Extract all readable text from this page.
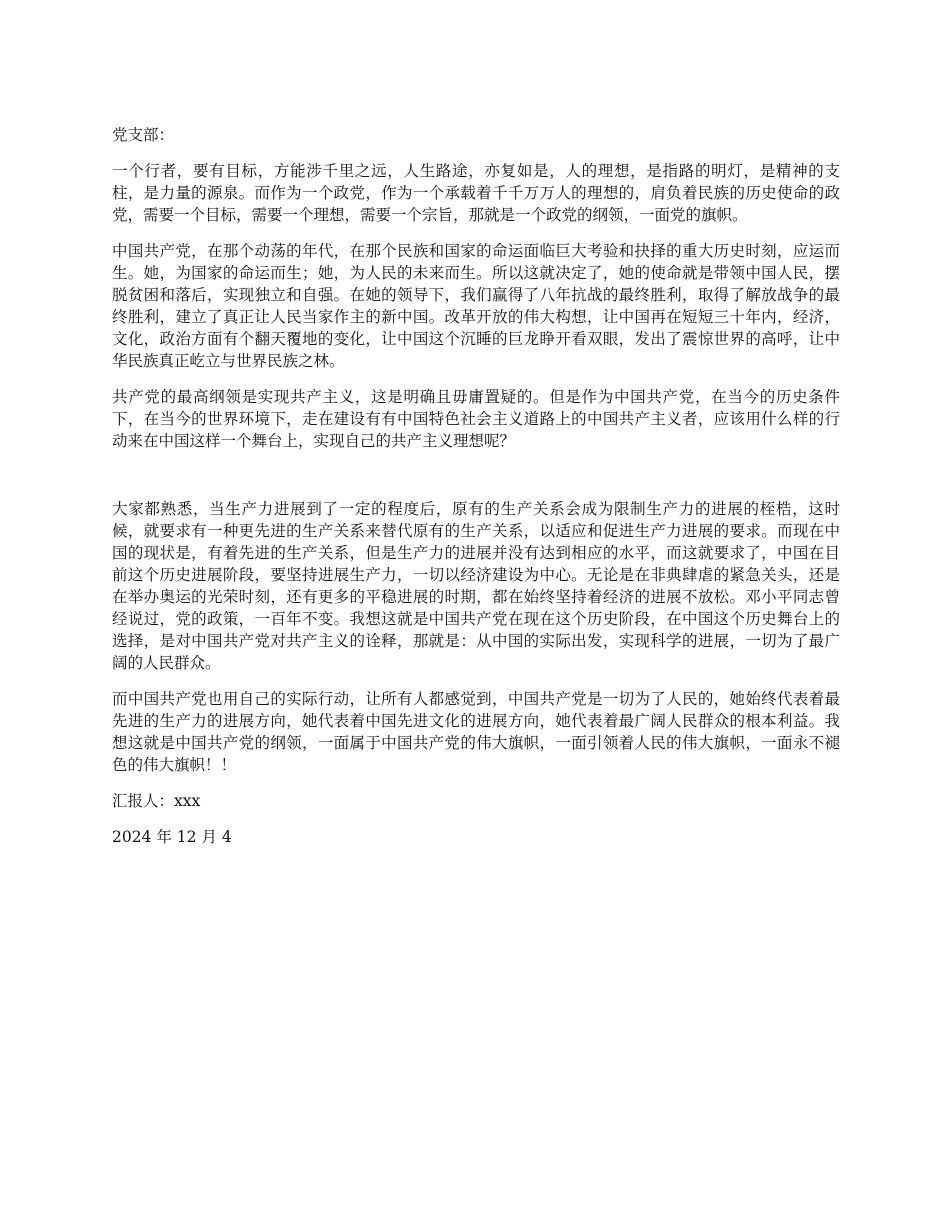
党支部：

一个行者，要有目标，方能涉千里之远，人生路途，亦复如是，人的理想，是指路的明灯，是精神的支柱，是力量的源泉。而作为一个政党，作为一个承载着千千万万人的理想的，肩负着民族的历史使命的政党，需要一个目标，需要一个理想，需要一个宗旨，那就是一个政党的纲领，一面党的旗帜。

中国共产党，在那个动荡的年代，在那个民族和国家的命运面临巨大考验和抉择的重大历史时刻，应运而生。她，为国家的命运而生；她，为人民的未来而生。所以这就决定了，她的使命就是带领中国人民，摆脱贫困和落后，实现独立和自强。在她的领导下，我们赢得了八年抗战的最终胜利，取得了解放战争的最终胜利，建立了真正让人民当家作主的新中国。改革开放的伟大构想，让中国再在短短三十年内，经济，文化，政治方面有个翻天覆地的变化，让中国这个沉睡的巨龙睁开看双眼，发出了震惊世界的高呼，让中华民族真正屹立与世界民族之林。

共产党的最高纲领是实现共产主义，这是明确且毋庸置疑的。但是作为中国共产党，在当今的历史条件下，在当今的世界环境下，走在建设有有中国特色社会主义道路上的中国共产主义者，应该用什么样的行动来在中国这样一个舞台上，实现自己的共产主义理想呢？

大家都熟悉，当生产力进展到了一定的程度后，原有的生产关系会成为限制生产力的进展的桎梏，这时候，就要求有一种更先进的生产关系来替代原有的生产关系，以适应和促进生产力进展的要求。而现在中国的现状是，有着先进的生产关系，但是生产力的进展并没有达到相应的水平，而这就要求了，中国在目前这个历史进展阶段，要坚持进展生产力，一切以经济建设为中心。无论是在非典肆虐的紧急关头，还是在举办奥运的光荣时刻，还有更多的平稳进展的时期，都在始终坚持着经济的进展不放松。邓小平同志曾经说过，党的政策，一百年不变。我想这就是中国共产党在现在这个历史阶段，在中国这个历史舞台上的选择，是对中国共产党对共产主义的诠释，那就是：从中国的实际出发，实现科学的进展，一切为了最广阔的人民群众。

而中国共产党也用自己的实际行动，让所有人都感觉到，中国共产党是一切为了人民的，她始终代表着最先进的生产力的进展方向，她代表着中国先进文化的进展方向，她代表着最广阔人民群众的根本利益。我想这就是中国共产党的纲领，一面属于中国共产党的伟大旗帜，一面引领着人民的伟大旗帜，一面永不褪色的伟大旗帜！！

汇报人：xxx

2024 年 12 月 4
